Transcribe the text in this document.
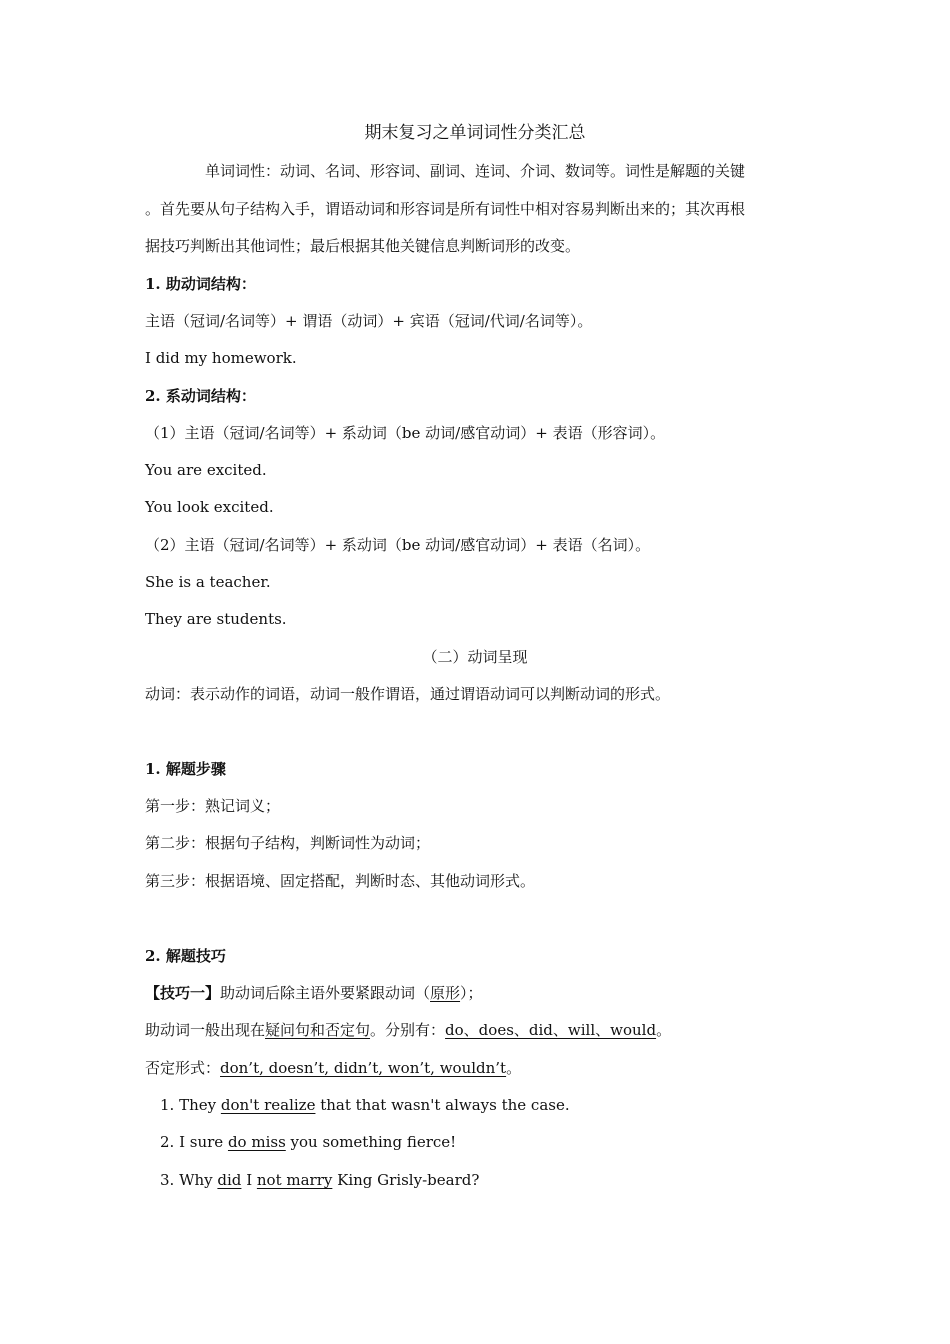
期末复习之单词词性分类汇总
单词词性：动词、名词、形容词、副词、连词、介词、数词等。词性是解题的关键
。首先要从句子结构入手，谓语动词和形容词是所有词性中相对容易判断出来的；其次再根
据技巧判断出其他词性；最后根据其他关键信息判断词形的改变。
1. 助动词结构：
主语（冠词/名词等）+ 谓语（动词）+ 宾语（冠词/代词/名词等）。
I did my homework.
2. 系动词结构：
（1）主语（冠词/名词等）+ 系动词（be 动词/感官动词）+ 表语（形容词）。
You are excited.
You look excited.
（2）主语（冠词/名词等）+ 系动词（be 动词/感官动词）+ 表语（名词）。
She is a teacher.
They are students.
（二）动词呈现
动词：表示动作的词语，动词一般作谓语，通过谓语动词可以判断动词的形式。
1. 解题步骤
第一步：熟记词义；
第二步：根据句子结构，判断词性为动词；
第三步：根据语境、固定搭配，判断时态、其他动词形式。
2. 解题技巧
【技巧一】助动词后除主语外要紧跟动词（原形）；
助动词一般出现在疑问句和否定句。分别有：do、does、did、will、would。
否定形式：don’t, doesn’t, didn’t, won’t, wouldn’t。
1. They don't realize that that wasn't always the case.
2. I sure do miss you something fierce!
3. Why did I not marry King Grisly-beard?
